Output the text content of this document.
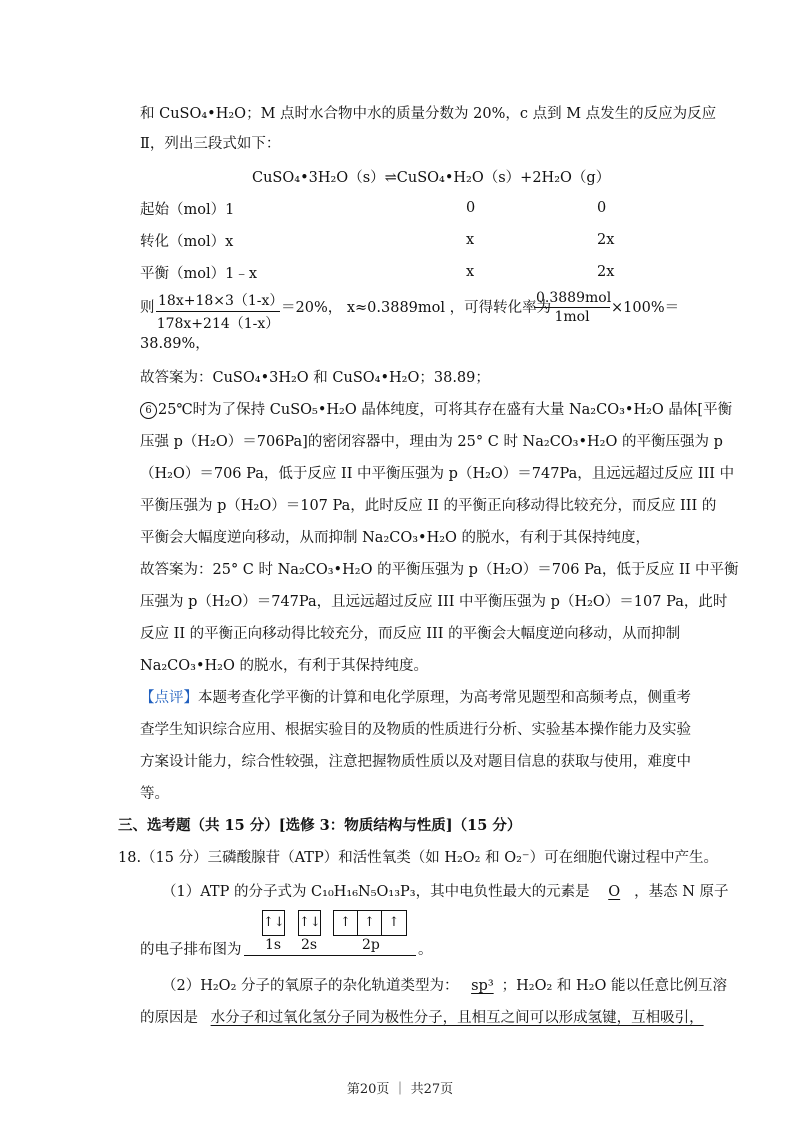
和 CuSO₄•H₂O；M 点时水合物中水的质量分数为 20%，c 点到 M 点发生的反应为反应
Ⅱ，列出三段式如下：
CuSO₄•3H₂O（s）⇌CuSO₄•H₂O（s）+2H₂O（g）
起始（mol）1	0	0
转化（mol）x	x	2x
平衡（mol）1﹣x	x	2x
则 $\frac{18x+18\times 3(1-x)}{178x+214(1-x)} =20\%$， x≈0.3889mol ，可得转化率为
0.3889mol
1mol
×100%＝
38.89%，
故答案为：CuSO₄•3H₂O 和 CuSO₄•H₂O；38.89；
6 25℃时为了保持 CuSO₅•H₂O 晶体纯度，可将其存在盛有大量 Na₂CO₃•H₂O 晶体[平衡
压强 p（H₂O）＝706Pa]的密闭容器中，理由为 25° C 时 Na₂CO₃•H₂O 的平衡压强为 p
（H₂O）＝706 Pa，低于反应 II 中平衡压强为 p（H₂O）＝747Pa，且远远超过反应 III 中
平衡压强为 p（H₂O）＝107 Pa，此时反应 II 的平衡正向移动得比较充分，而反应 III 的
平衡会大幅度逆向移动，从而抑制 Na₂CO₃•H₂O 的脱水，有利于其保持纯度，
故答案为：25° C 时 Na₂CO₃•H₂O 的平衡压强为 p（H₂O）＝706 Pa，低于反应 II 中平衡
压强为 p（H₂O）＝747Pa，且远远超过反应 III 中平衡压强为 p（H₂O）＝107 Pa，此时
反应 II 的平衡正向移动得比较充分，而反应 III 的平衡会大幅度逆向移动，从而抑制
Na₂CO₃•H₂O 的脱水，有利于其保持纯度。
【点评】本题考查化学平衡的计算和电化学原理，为高考常见题型和高频考点，侧重考
查学生知识综合应用、根据实验目的及物质的性质进行分析、实验基本操作能力及实验
方案设计能力，综合性较强，注意把握物质性质以及对题目信息的获取与使用，难度中
等。
三、选考题（共 15 分）[选修 3：物质结构与性质]（15 分）
18.（15 分）三磷酸腺苷（ATP）和活性氧类（如 H₂O₂ 和 O₂⁻）可在细胞代谢过程中产生。
（1）ATP 的分子式为 C₁₀H₁₆N₅O₁₃P₃，其中电负性最大的元素是 O ，基态 N 原子
↑↓ ↑↓	↑	↑	↑
1s 2s	2p
的电子排布图为	。
（2）H₂O₂ 分子的氧原子的杂化轨道类型为： sp³ ；H₂O₂ 和 H₂O 能以任意比例互溶
的原因是 水分子和过氧化氢分子同为极性分子，且相互之间可以形成氢键，互相吸引，
第20页 ｜ 共27页
